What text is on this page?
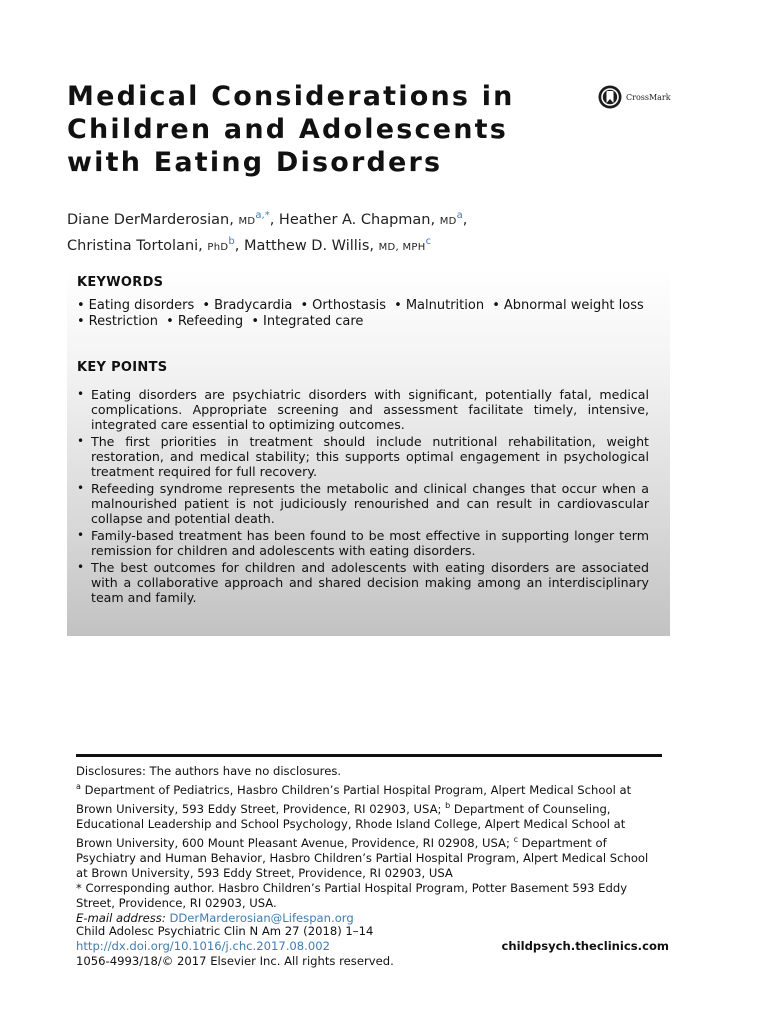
Medical Considerations in
Children and Adolescents
with Eating Disorders
CrossMark
Diane DerMarderosian, $MD^{a,*}$, Heather A. Chapman, $MD^a$,
Christina Tortolani, PhD$^b$, Matthew D. Willis, MD, MPH$^c$
KEYWORDS
• Eating disorders • Bradycardia • Orthostasis • Malnutrition • Abnormal weight loss
• Restriction • Refeeding • Integrated care
KEY POINTS
• Eating disorders are psychiatric disorders with significant, potentially fatal, medical complications. Appropriate screening and assessment facilitate timely, intensive, integrated care essential to optimizing outcomes.
• The first priorities in treatment should include nutritional rehabilitation, weight restoration, and medical stability; this supports optimal engagement in psychological treatment required for full recovery.
• Refeeding syndrome represents the metabolic and clinical changes that occur when a malnourished patient is not judiciously renourished and can result in cardiovascular collapse and potential death.
• Family-based treatment has been found to be most effective in supporting longer term remission for children and adolescents with eating disorders.
• The best outcomes for children and adolescents with eating disorders are associated with a collaborative approach and shared decision making among an interdisciplinary team and family.
Disclosures: The authors have no disclosures.
$^a$ Department of Pediatrics, Hasbro Children’s Partial Hospital Program, Alpert Medical School at Brown University, 593 Eddy Street, Providence, RI 02903, USA; $^b$ Department of Counseling, Educational Leadership and School Psychology, Rhode Island College, Alpert Medical School at Brown University, 600 Mount Pleasant Avenue, Providence, RI 02908, USA; $^c$ Department of Psychiatry and Human Behavior, Hasbro Children’s Partial Hospital Program, Alpert Medical School at Brown University, 593 Eddy Street, Providence, RI 02903, USA
* Corresponding author. Hasbro Children’s Partial Hospital Program, Potter Basement 593 Eddy Street, Providence, RI 02903, USA.
E-mail address: DDerMarderosian@Lifespan.org
Child Adolesc Psychiatric Clin N Am 27 (2018) 1–14
http://dx.doi.org/10.1016/j.chc.2017.08.002
1056-4993/18/© 2017 Elsevier Inc. All rights reserved.
childpsych.theclinics.com
